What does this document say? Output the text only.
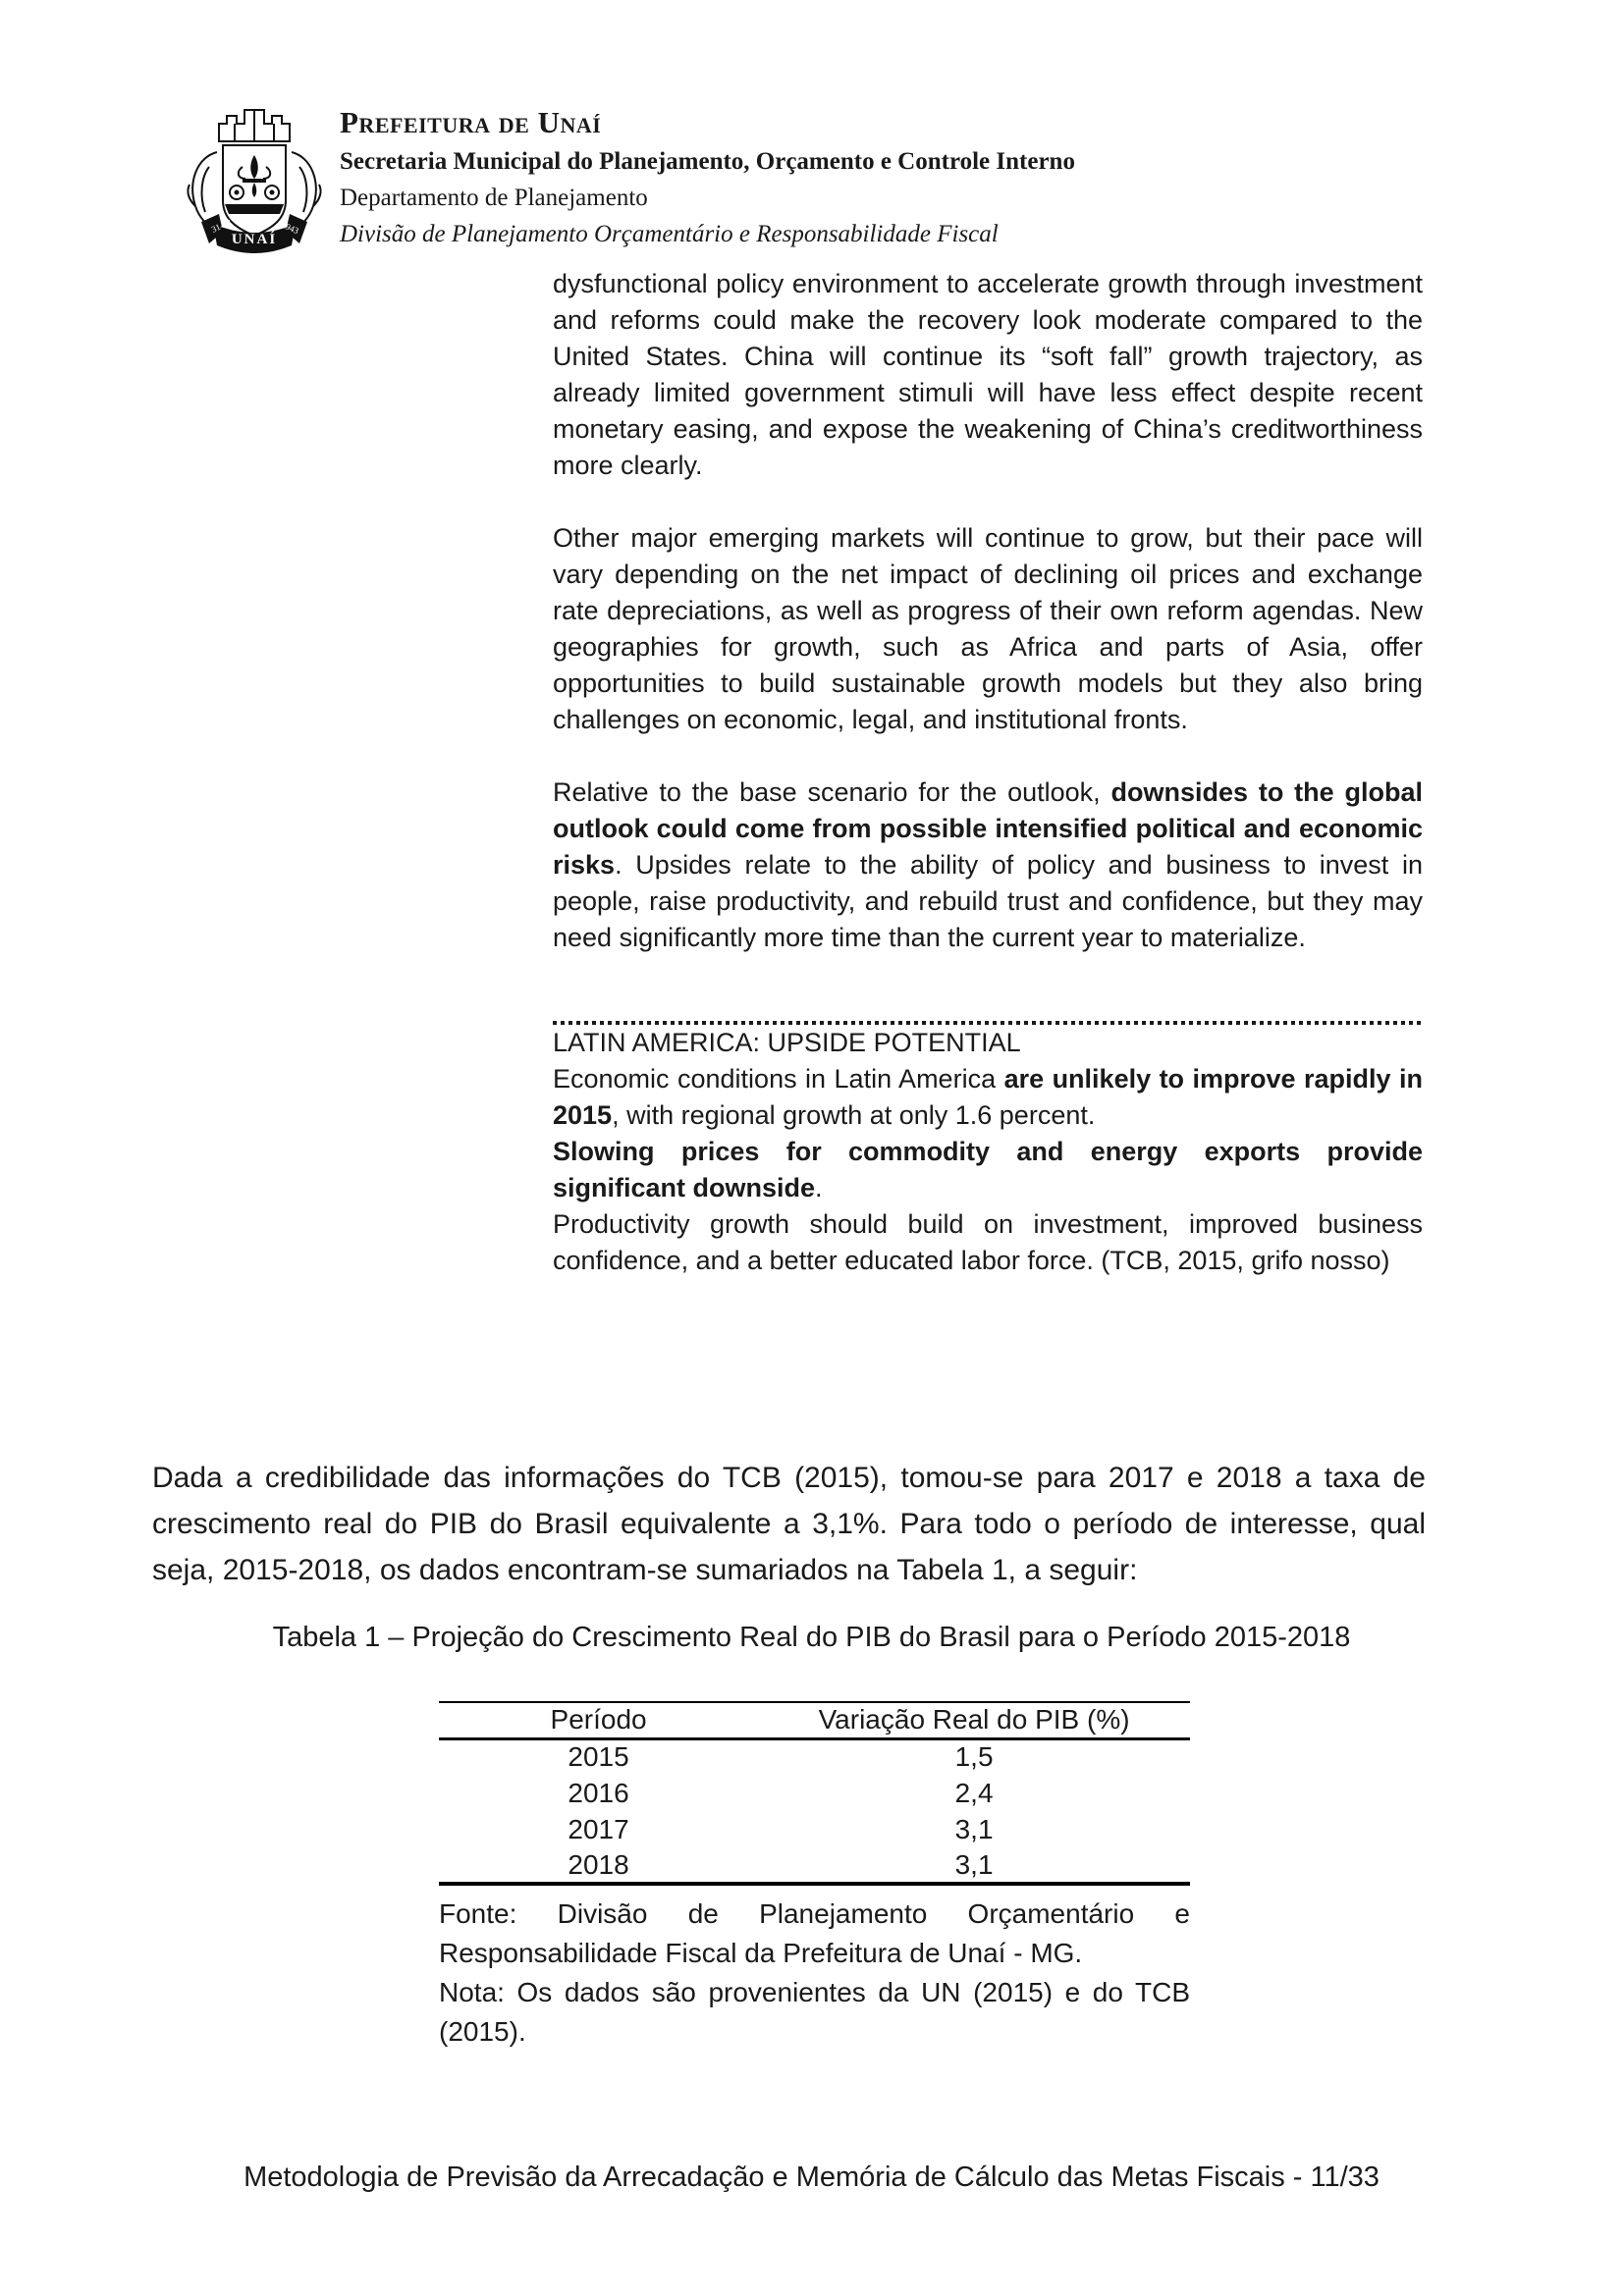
31-12	1943
UNAÍ
Prefeitura de Unaí
Secretaria Municipal do Planejamento, Orçamento e Controle Interno
Departamento de Planejamento
Divisão de Planejamento Orçamentário e Responsabilidade Fiscal

dysfunctional policy environment to accelerate growth through investment and reforms could make the recovery look moderate compared to the United States. China will continue its “soft fall” growth trajectory, as already limited government stimuli will have less effect despite recent monetary easing, and expose the weakening of China’s creditworthiness more clearly.

Other major emerging markets will continue to grow, but their pace will vary depending on the net impact of declining oil prices and exchange rate depreciations, as well as progress of their own reform agendas. New geographies for growth, such as Africa and parts of Asia, offer opportunities to build sustainable growth models but they also bring challenges on economic, legal, and institutional fronts.

Relative to the base scenario for the outlook, downsides to the global outlook could come from possible intensified political and economic risks. Upsides relate to the ability of policy and business to invest in people, raise productivity, and rebuild trust and confidence, but they may need significantly more time than the current year to materialize.

LATIN AMERICA: UPSIDE POTENTIAL

Economic conditions in Latin America are unlikely to improve rapidly in 2015, with regional growth at only 1.6 percent.

Slowing prices for commodity and energy exports provide significant downside.

Productivity growth should build on investment, improved business confidence, and a better educated labor force. (TCB, 2015, grifo nosso)

Dada a credibilidade das informações do TCB (2015), tomou-se para 2017 e 2018 a taxa de crescimento real do PIB do Brasil equivalente a 3,1%. Para todo o período de interesse, qual seja, 2015-2018, os dados encontram-se sumariados na Tabela 1, a seguir:

Tabela 1 – Projeção do Crescimento Real do PIB do Brasil para o Período 2015-2018
Período	Variação Real do PIB (%)
2015	1,5
2016	2,4
2017	3,1
2018	3,1

Fonte: Divisão de Planejamento Orçamentário e Responsabilidade Fiscal da Prefeitura de Unaí - MG.

Nota: Os dados são provenientes da UN (2015) e do TCB (2015).

Metodologia de Previsão da Arrecadação e Memória de Cálculo das Metas Fiscais - 11/33
